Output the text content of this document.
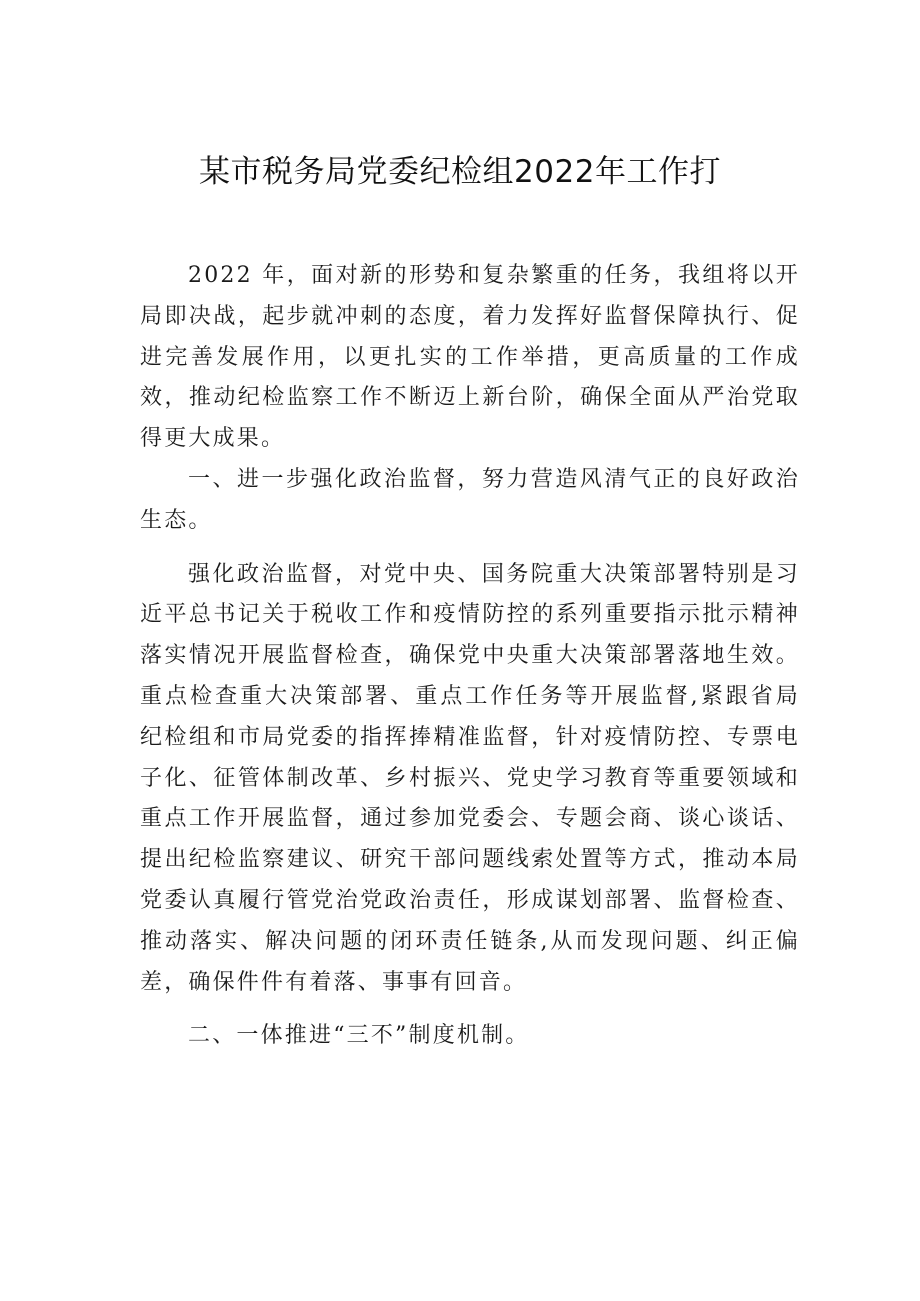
某市税务局党委纪检组2022年工作打

2022 年，面对新的形势和复杂繁重的任务，我组将以开局即决战，起步就冲刺的态度，着力发挥好监督保障执行、促进完善发展作用，以更扎实的工作举措，更高质量的工作成效，推动纪检监察工作不断迈上新台阶，确保全面从严治党取得更大成果。

一、进一步强化政治监督，努力营造风清气正的良好政治生态。

强化政治监督，对党中央、国务院重大决策部署特别是习近平总书记关于税收工作和疫情防控的系列重要指示批示精神落实情况开展监督检查，确保党中央重大决策部署落地生效。重点检查重大决策部署、重点工作任务等开展监督,紧跟省局纪检组和市局党委的指挥捧精准监督，针对疫情防控、专票电子化、征管体制改革、乡村振兴、党史学习教育等重要领域和重点工作开展监督，通过参加党委会、专题会商、谈心谈话、提出纪检监察建议、研究干部问题线索处置等方式，推动本局党委认真履行管党治党政治责任，形成谋划部署、监督检查、推动落实、解决问题的闭环责任链条,从而发现问题、纠正偏差，确保件件有着落、事事有回音。

二、一体推进“三不”制度机制。
